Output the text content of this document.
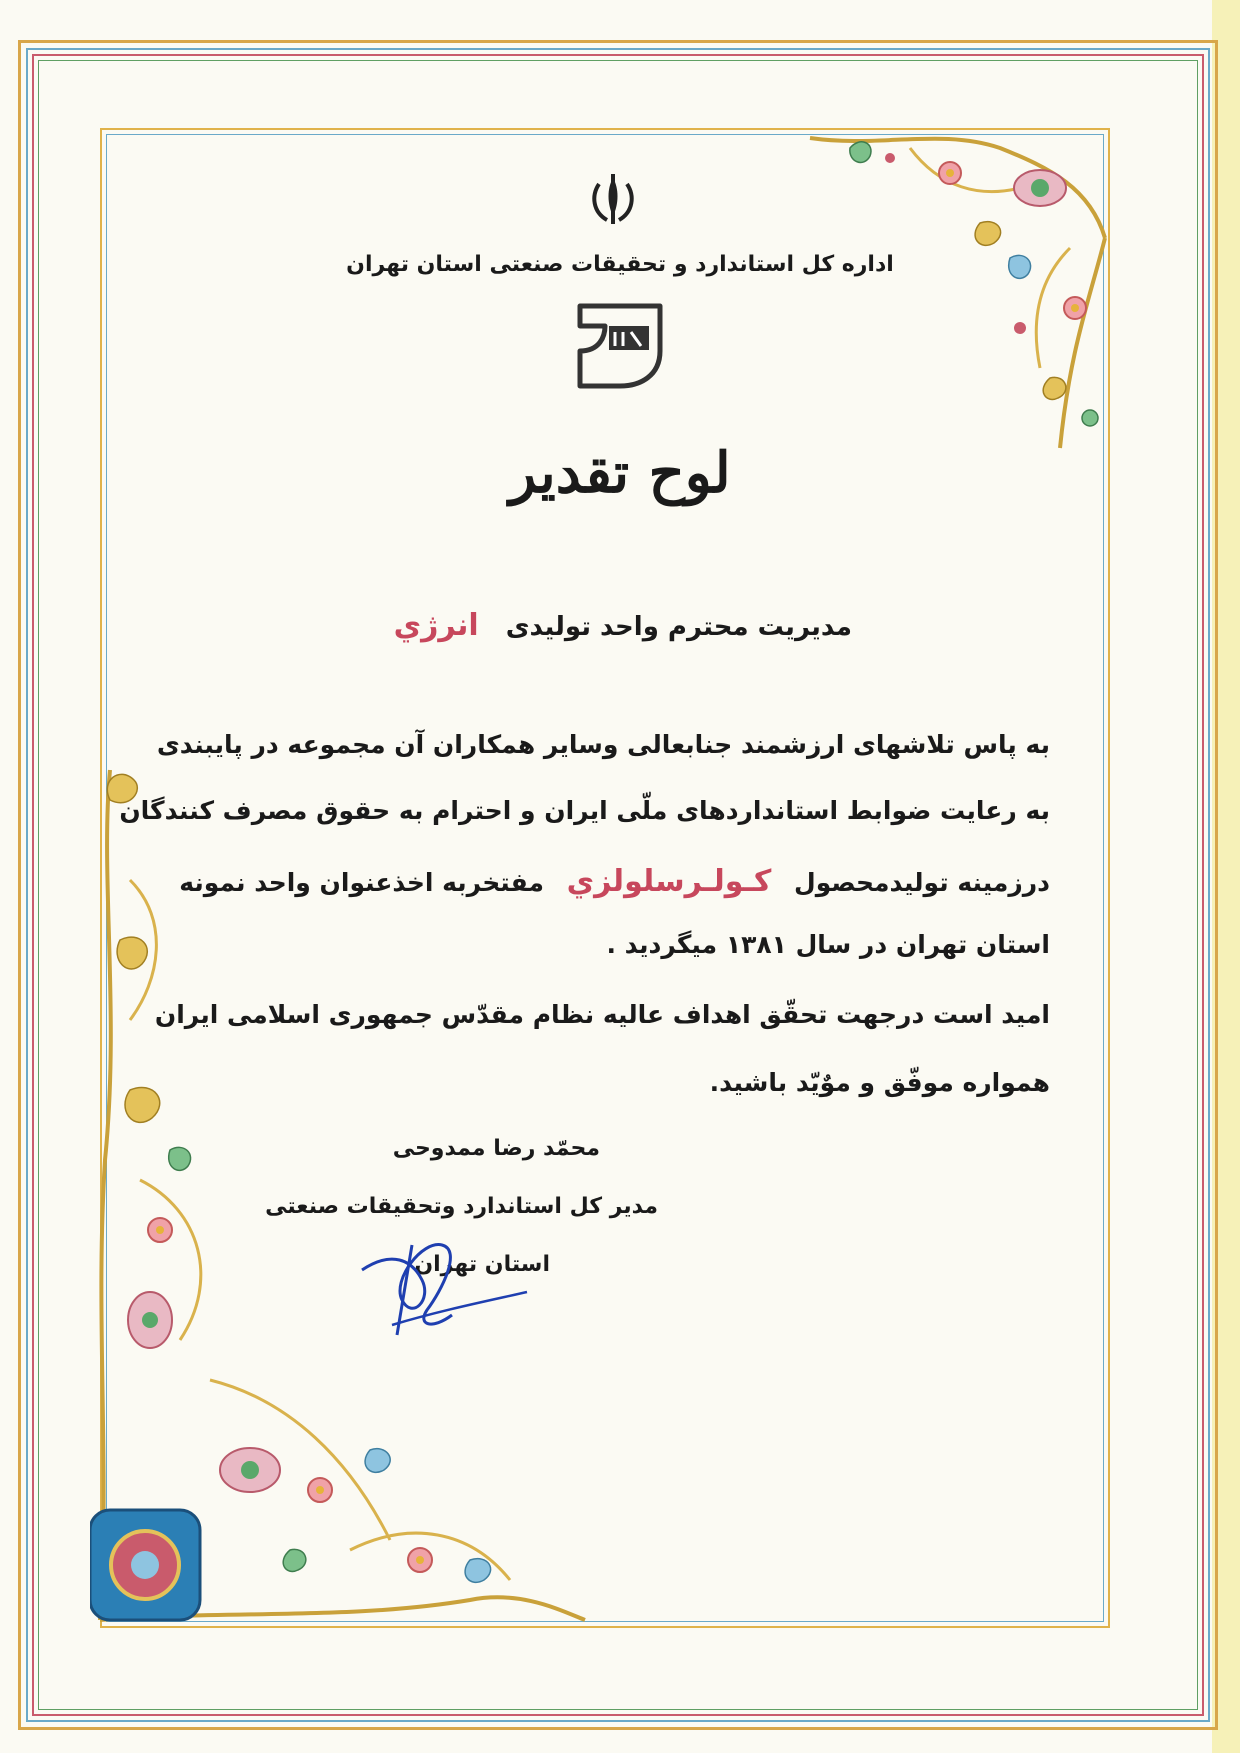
اداره کل استاندارد و تحقیقات صنعتی استان تهران
لوح تقدیر
مدیریت محترم واحد تولیدی انرژي
به پاس تلاشهای ارزشمند جنابعالی وسایر همکاران آن مجموعه در پایبندی
به رعایت ضوابط استانداردهای ملّی ایران و احترام به حقوق مصرف کنندگان
درزمینه تولیدمحصول کـولـرسلولزي مفتخربه اخذعنوان واحد نمونه
استان تهران در سال ۱۳۸۱ میگردید .
امید است درجهت تحقّق اهداف عالیه نظام مقدّس جمهوری اسلامی ایران
همواره موفّق و موٌیّد باشید.
محمّد رضا ممدوحی
مدیر کل استاندارد وتحقیقات صنعتی
استان تهران
